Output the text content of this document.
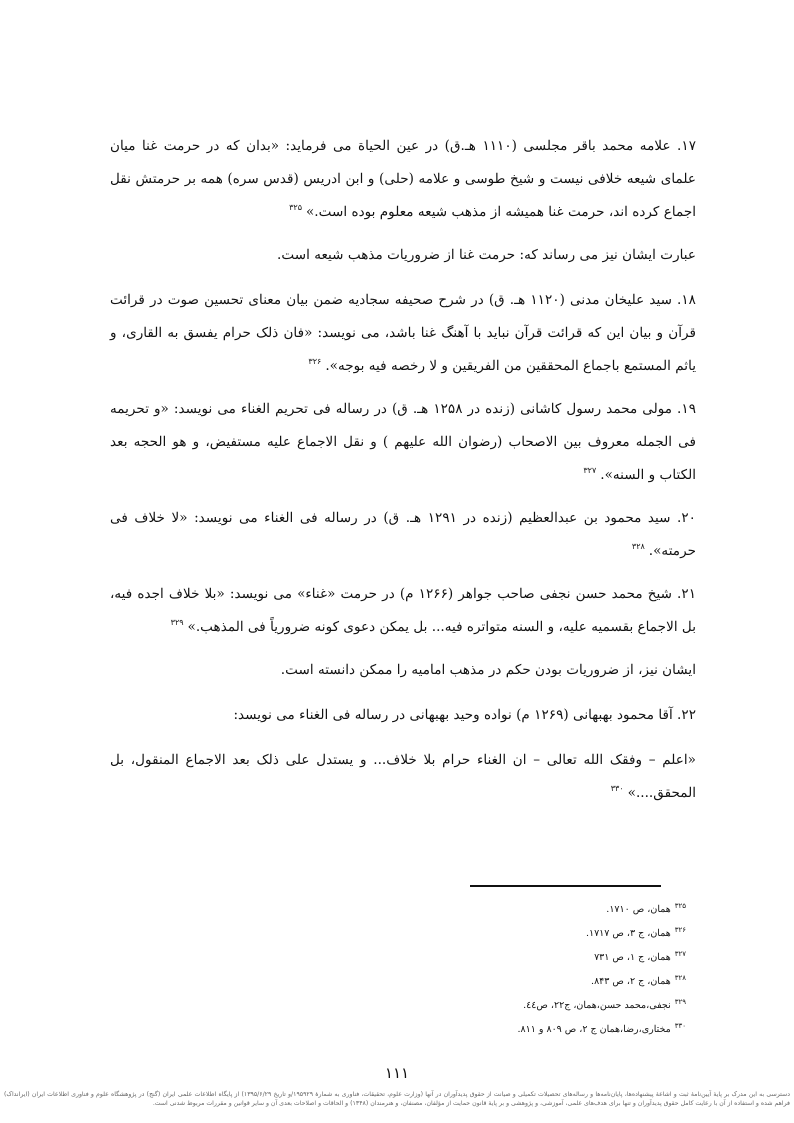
۱۷. علامه محمد باقر مجلسی (۱۱۱۰ هـ.ق) در عین الحیاة می فرماید: «بدان که در حرمت غنا میان علمای شیعه خلافی نیست و شیخ طوسی و علامه (حلی) و ابن ادریس (قدس سره) همه بر حرمتش نقل اجماع کرده اند، حرمت غنا همیشه از مذهب شیعه معلوم بوده است.»$^{۳۲۵}$

عبارت ایشان نیز می رساند که: حرمت غنا از ضروریات مذهب شیعه است.

۱۸. سید علیخان مدنی (۱۱۲۰ هـ. ق) در شرح صحیفه سجادیه ضمن بیان معنای تحسین صوت در قرائت قرآن و بیان این که قرائت قرآن نباید با آهنگ غنا باشد، می نویسد: «فان ذلک حرام یفسق به القاری، و یاثم المستمع باجماع المحققین من الفریقین و لا رخصه فیه بوجه».$^{۳۲۶}$

۱۹. مولی محمد رسول کاشانی (زنده در ۱۲۵۸ هـ. ق) در رساله فی تحریم الغناء می نویسد: «و تحریمه فی الجمله معروف بین الاصحاب (رضوان الله علیهم ) و نقل الاجماع علیه مستفیض، و هو الحجه بعد الکتاب و السنه».$^{۳۲۷}$

۲۰. سید محمود بن عبدالعظیم (زنده در ۱۲۹۱ هـ. ق) در رساله فی الغناء می نویسد: «لا خلاف فی حرمته».$^{۳۲۸}$

۲۱. شیخ محمد حسن نجفی صاحب جواهر (۱۲۶۶ م) در حرمت «غناء» می نویسد: «بلا خلاف اجده فیه، بل الاجماع بقسمیه علیه، و السنه متواتره فیه... بل یمکن دعوی کونه ضروریاً فی المذهب.»$^{۳۲۹}$

ایشان نیز، از ضروریات بودن حکم در مذهب امامیه را ممکن دانسته است.

۲۲. آقا محمود بهبهانی (۱۲۶۹ م) نواده وحید بهبهانی در رساله فی الغناء می نویسد:

«اعلم – وفقک الله تعالی – ان الغناء حرام بلا خلاف... و یستدل علی ذلک بعد الاجماع المنقول، بل المحقق....»$^{۳۳۰}$

$^{۳۲۵}$همان، ص ۱۷۱۰.
$^{۳۲۶}$همان، ج ۳، ص ۱۷۱۷.
$^{۳۲۷}$همان، ج ۱، ص ۷۳۱
$^{۳۲۸}$همان، ج ۲، ص ۸۴۳.
$^{۳۲۹}$نجفی،محمد حسن،همان، ج۲۲، ص٤٤.
$^{۳۳۰}$مختاری،رضا،همان ج ۲، ص ۸۰۹ و ۸۱۱.
۱۱۱
دسترسی به این مدرک بر پایهٔ آیین‌نامهٔ ثبت و اشاعهٔ پیشنهاده‌ها، پایان‌نامه‌ها و رساله‌های تحصیلات تکمیلی و صیانت از حقوق پدیدآوران در آنها (وزارت علوم، تحقیقات، فناوری به شمارهٔ ۱۹۵۹۲۹/و تاریخ ۱۳۹۵/۶/۲۹) از پایگاه اطلاعات علمی ایران (گنج) در پژوهشگاه علوم و فناوری اطلاعات ایران (ایرانداک) فراهم شده و استفاده از آن با رعایت کامل حقوق پدیدآوران و تنها برای هدف‌های علمی، آموزشی، و پژوهشی و بر پایهٔ قانون حمایت از مؤلفان، مصنفان، و هنرمندان (۱۳۴۸) و الحاقات و اصلاحات بعدی آن و سایر قوانین و مقررات مربوط شدنی است.
